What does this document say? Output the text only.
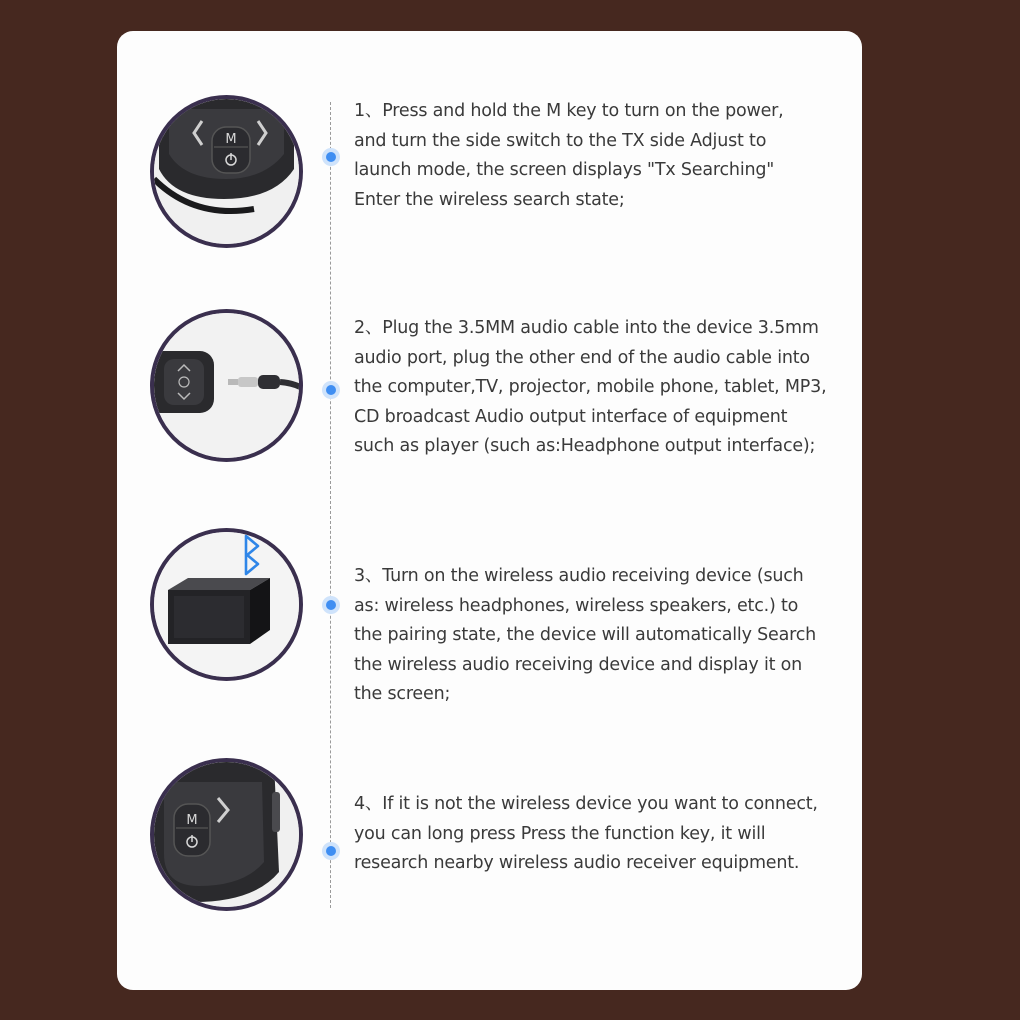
M
1、Press and hold the M key to turn on the power,
and turn the side switch to the TX side Adjust to
launch mode, the screen displays "Tx Searching"
Enter the wireless search state;
2、Plug the 3.5MM audio cable into the device 3.5mm
audio port, plug the other end of the audio cable into
the computer,TV, projector, mobile phone, tablet, MP3,
CD broadcast Audio output interface of equipment
such as player (such as:Headphone output interface);
3、Turn on the wireless audio receiving device (such
as: wireless headphones, wireless speakers, etc.) to
the pairing state, the device will automatically Search
the wireless audio receiving device and display it on
the screen;
M
4、If it is not the wireless device you want to connect,
you can long press Press the function key, it will
research nearby wireless audio receiver equipment.
